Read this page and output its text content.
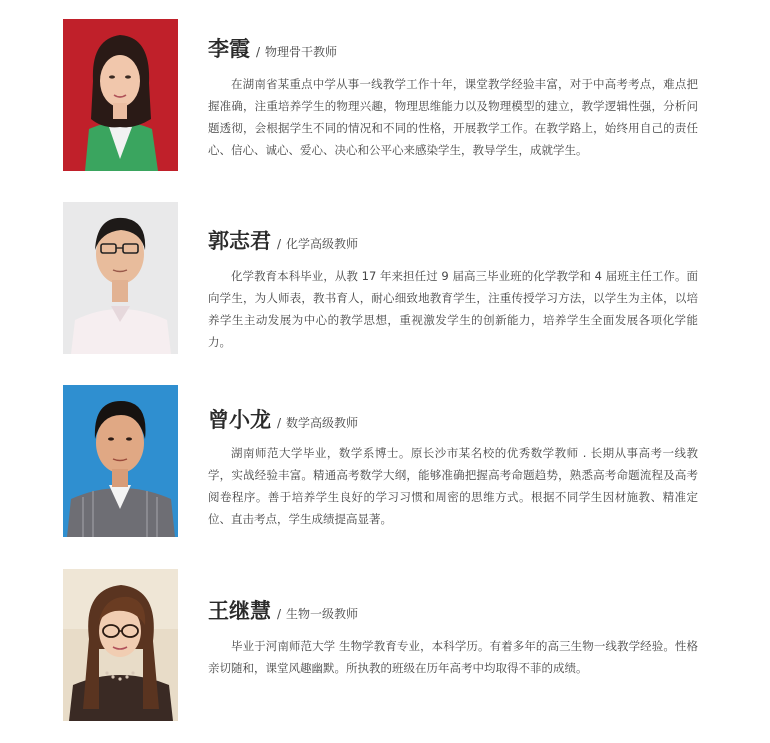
李霞 / 物理骨干教师

在湖南省某重点中学从事一线教学工作十年，课堂教学经验丰富，对于中高考考点，难点把握准确，注重培养学生的物理兴趣，物理思维能力以及物理模型的建立，教学逻辑性强，分析问题透彻，会根据学生不同的情况和不同的性格，开展教学工作。在教学路上，始终用自己的责任心、信心、诚心、爱心、决心和公平心来感染学生，教导学生，成就学生。

郭志君 / 化学高级教师

化学教育本科毕业，从教 17 年来担任过 9 届高三毕业班的化学教学和 4 届班主任工作。面向学生，为人师表，教书育人，耐心细致地教育学生，注重传授学习方法，以学生为主体，以培养学生主动发展为中心的教学思想，重视激发学生的创新能力，培养学生全面发展各项化学能力。

曾小龙 / 数学高级教师

湖南师范大学毕业，数学系博士。原长沙市某名校的优秀数学教师 . 长期从事高考一线教学，实战经验丰富。精通高考数学大纲，能够准确把握高考命题趋势，熟悉高考命题流程及高考阅卷程序。善于培养学生良好的学习习惯和周密的思维方式。根据不同学生因材施教、精准定位、直击考点，学生成绩提高显著。

王继慧 / 生物一级教师

毕业于河南师范大学 生物学教育专业，本科学历。有着多年的高三生物一线教学经验。性格亲切随和，课堂风趣幽默。所执教的班级在历年高考中均取得不菲的成绩。
